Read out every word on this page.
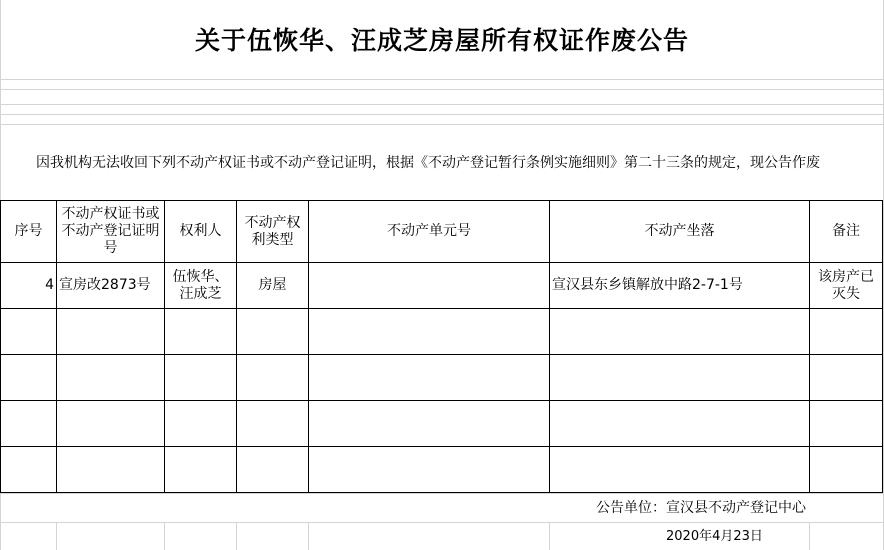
关于伍恢华、汪成芝房屋所有权证作废公告
因我机构无法收回下列不动产权证书或不动产登记证明，根据《不动产登记暂行条例实施细则》第二十三条的规定，现公告作废
序号	不动产权证书或不动产登记证明号	权利人	不动产权利类型	不动产单元号	不动产坐落	备注
4	宣房改2873号	伍恢华、汪成芝	房屋		宣汉县东乡镇解放中路2-7-1号	该房产已灭失

公告单位：宣汉县不动产登记中心
2020年4月23日
